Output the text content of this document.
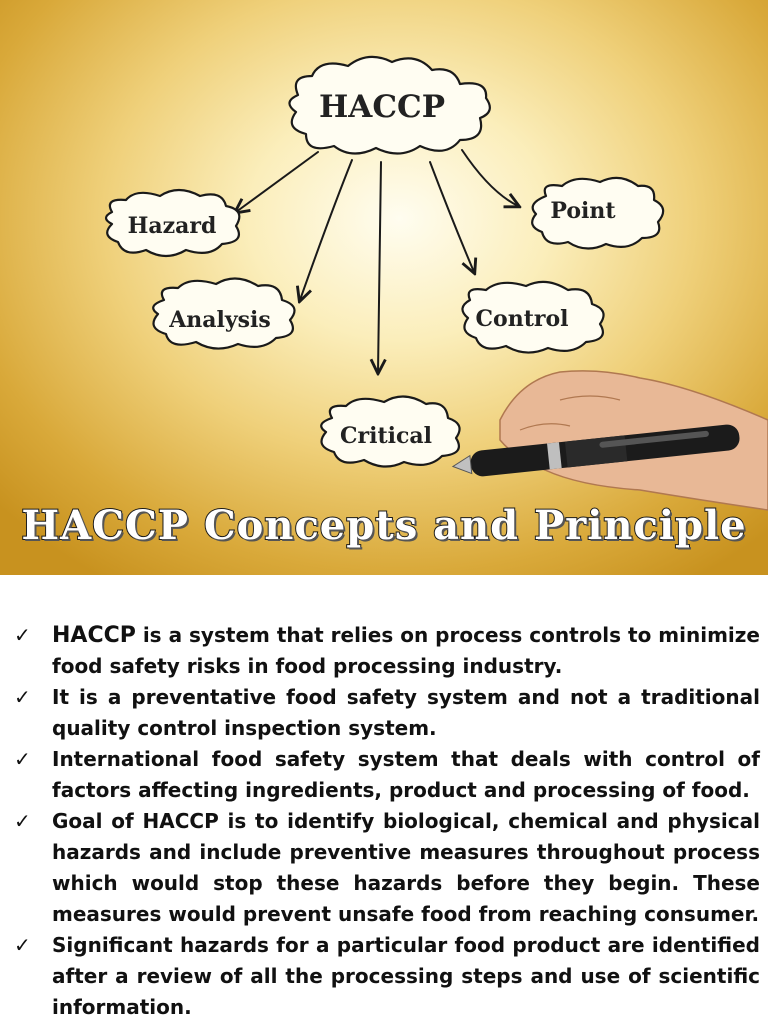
HACCP
Hazard
Analysis
Critical
Control
Point
HACCP Concepts and Principle
✓ HACCP is a system that relies on process controls to minimize food safety risks in food processing industry.
✓	It is a preventative food safety system and not a traditional quality control inspection system.
✓	International food safety system that deals with control of factors affecting ingredients, product and processing of food.
✓	Goal of HACCP is to identify biological, chemical and physical hazards and include preventive measures throughout process which would stop these hazards before they begin. These measures would prevent unsafe food from reaching consumer.
✓	Significant hazards for a particular food product are identified after a review of all the processing steps and use of scientific information.
